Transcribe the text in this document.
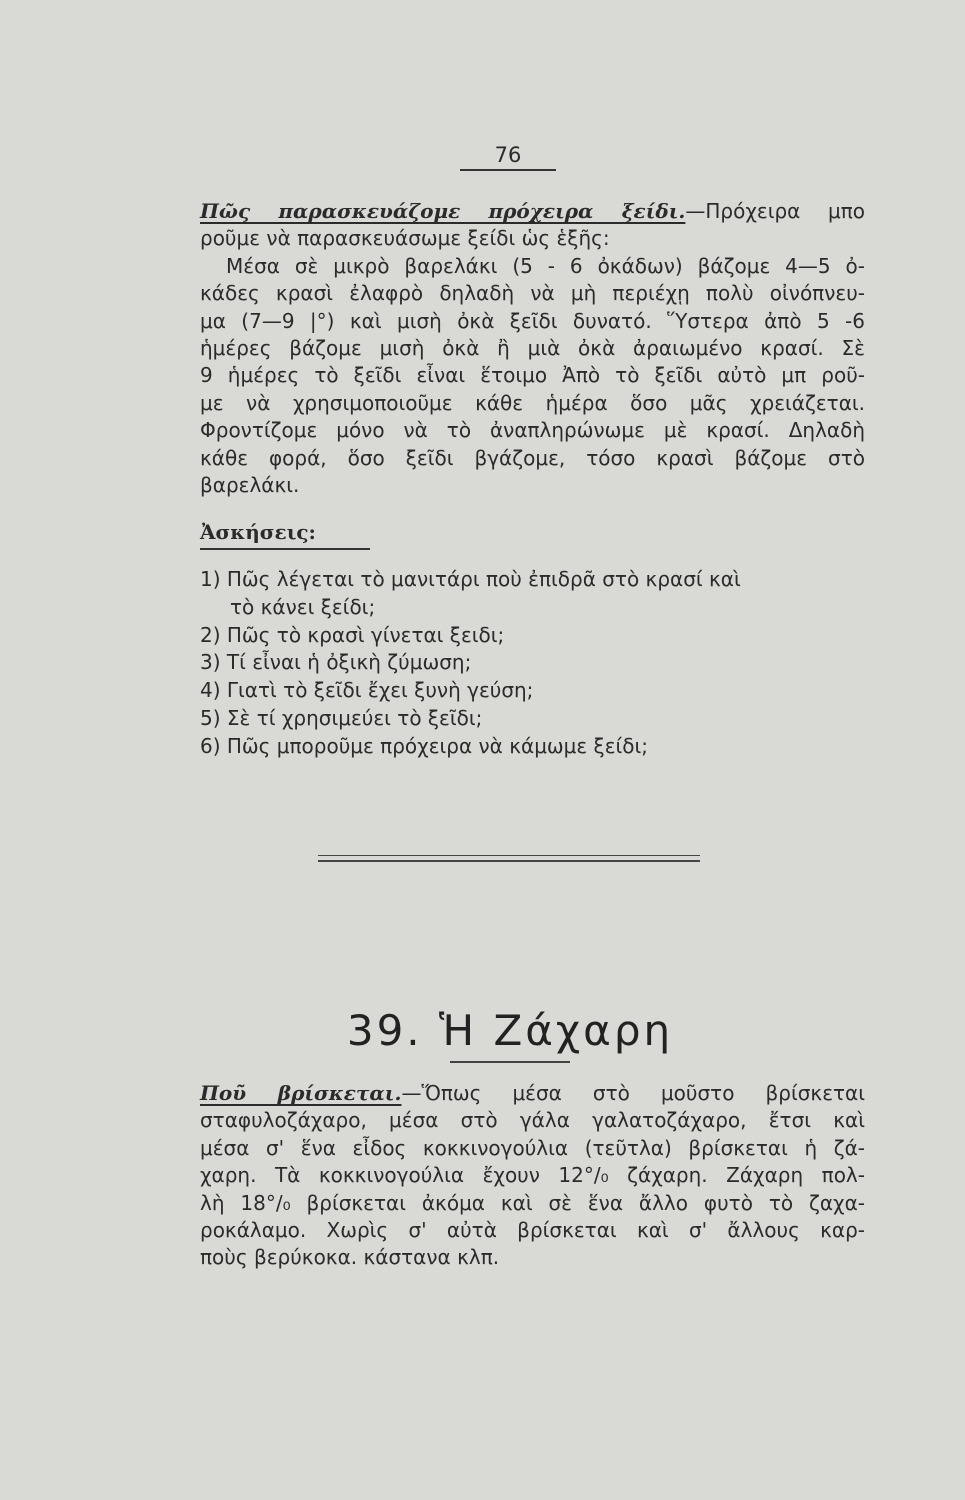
76
Πῶς παρασκευάζομε πρόχειρα ξείδι.—Πρόχειρα μπο
ροῦμε νὰ παρασκευάσωμε ξείδι ὡς ἑξῆς:
Μέσα σὲ μικρὸ βαρελάκι (5 - 6 ὀκάδων) βάζομε 4—5 ὀ-
κάδες κρασὶ ἐλαφρὸ δηλαδὴ νὰ μὴ περιέχῃ πολὺ οἰνόπνευ-
μα (7—9 |°) καὶ μισὴ ὀκὰ ξεῖδι δυνατό. Ὕστερα ἀπὸ 5 -6
ἡμέρες βάζομε μισὴ ὀκὰ ἢ μιὰ ὀκὰ ἀραιωμένο κρασί. Σὲ
9 ἡμέρες τὸ ξεῖδι εἶναι ἕτοιμο Ἀπὸ τὸ ξεῖδι αὐτὸ μπ ροῦ-
με νὰ χρησιμοποιοῦμε κάθε ἡμέρα ὅσο μᾶς χρειάζεται.
Φροντίζομε μόνο νὰ τὸ ἀναπληρώνωμε μὲ κρασί. Δηλαδὴ
κάθε φορά, ὅσο ξεῖδι βγάζομε, τόσο κρασὶ βάζομε στὸ
βαρελάκι.
Ἀσκήσεις:
1) Πῶς λέγεται τὸ μανιτάρι ποὺ ἐπιδρᾶ στὸ κρασί καὶ
τὸ κάνει ξείδι;
2) Πῶς τὸ κρασὶ γίνεται ξειδι;
3) Τί εἶναι ἡ ὀξικὴ ζύμωση;
4) Γιατὶ τὸ ξεῖδι ἔχει ξυνὴ γεύση;
5) Σὲ τί χρησιμεύει τὸ ξεῖδι;
6) Πῶς μποροῦμε πρόχειρα νὰ κάμωμε ξείδι;
39. Ἡ Ζάχαρη
Ποῦ βρίσκεται.—Ὅπως μέσα στὸ μοῦστο βρίσκεται
σταφυλοζάχαρο, μέσα στὸ γάλα γαλατοζάχαρο, ἔτσι καὶ
μέσα σ' ἕνα εἶδος κοκκινογούλια (τεῦτλα) βρίσκεται ἡ ζά-
χαρη. Τὰ κοκκινογούλια ἔχουν 12°/₀ ζάχαρη. Ζάχαρη πολ-
λὴ 18°/₀ βρίσκεται ἀκόμα καὶ σὲ ἕνα ἄλλο φυτὸ τὸ ζαχα-
ροκάλαμο. Χωρὶς σ' αὐτὰ βρίσκεται καὶ σ' ἄλλους καρ-
ποὺς βερύκοκα. κάστανα κλπ.
